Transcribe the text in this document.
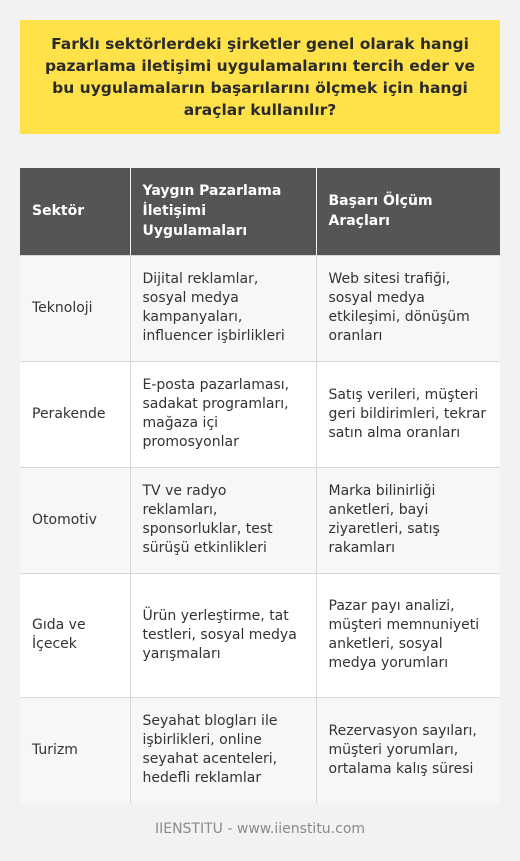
Farklı sektörlerdeki şirketler genel olarak hangi pazarlama iletişimi uygulamalarını tercih eder ve bu uygulamaların başarılarını ölçmek için hangi araçlar kullanılır?
Sektör	Yaygın Pazarlama İletişimi Uygulamaları	Başarı Ölçüm Araçları
Teknoloji	Dijital reklamlar, sosyal medya kampanyaları, influencer işbirlikleri	Web sitesi trafiği, sosyal medya etkileşimi, dönüşüm oranları
Perakende	E-posta pazarlaması, sadakat programları, mağaza içi promosyonlar	Satış verileri, müşteri geri bildirimleri, tekrar satın alma oranları
Otomotiv	TV ve radyo reklamları, sponsorluklar, test sürüşü etkinlikleri	Marka bilinirliği anketleri, bayi ziyaretleri, satış rakamları
Gıda ve İçecek	Ürün yerleştirme, tat testleri, sosyal medya yarışmaları	Pazar payı analizi, müşteri memnuniyeti anketleri, sosyal medya yorumları
Turizm	Seyahat blogları ile işbirlikleri, online seyahat acenteleri, hedefli reklamlar	Rezervasyon sayıları, müşteri yorumları, ortalama kalış süresi
IIENSTITU - www.iienstitu.com
